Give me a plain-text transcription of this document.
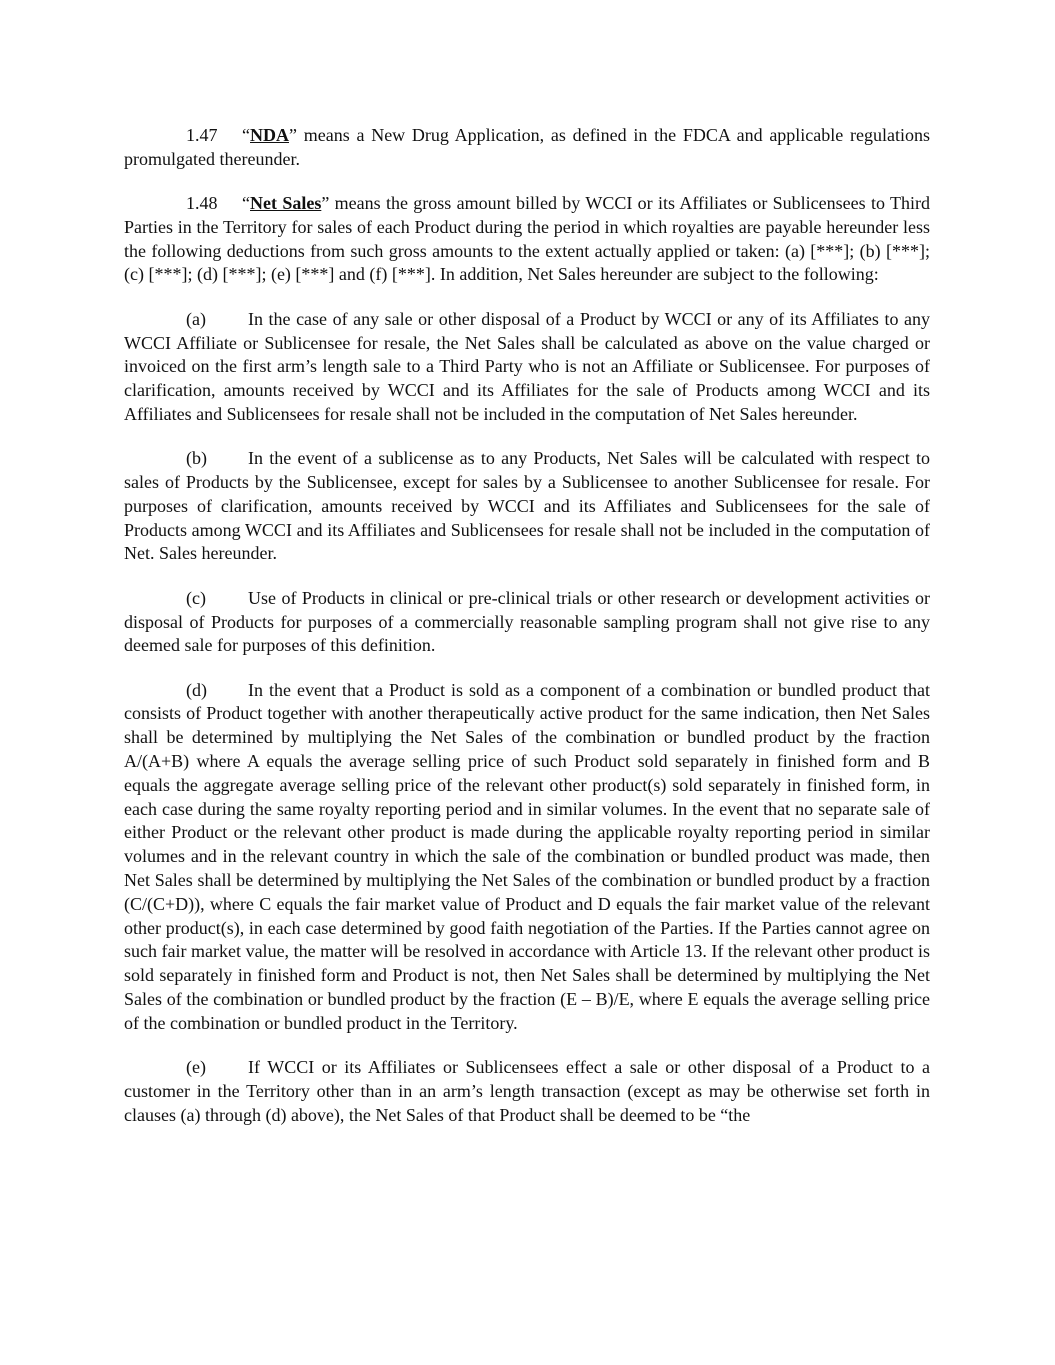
1.47 “NDA” means a New Drug Application, as defined in the FDCA and applicable regulations promulgated thereunder.

1.48 “Net Sales” means the gross amount billed by WCCI or its Affiliates or Sublicensees to Third Parties in the Territory for sales of each Product during the period in which royalties are payable hereunder less the following deductions from such gross amounts to the extent actually applied or taken: (a) [***]; (b) [***]; (c) [***]; (d) [***]; (e) [***] and (f) [***]. In addition, Net Sales hereunder are subject to the following:

(a) In the case of any sale or other disposal of a Product by WCCI or any of its Affiliates to any WCCI Affiliate or Sublicensee for resale, the Net Sales shall be calculated as above on the value charged or invoiced on the first arm’s length sale to a Third Party who is not an Affiliate or Sublicensee. For purposes of clarification, amounts received by WCCI and its Affiliates for the sale of Products among WCCI and its Affiliates and Sublicensees for resale shall not be included in the computation of Net Sales hereunder.

(b) In the event of a sublicense as to any Products, Net Sales will be calculated with respect to sales of Products by the Sublicensee, except for sales by a Sublicensee to another Sublicensee for resale. For purposes of clarification, amounts received by WCCI and its Affiliates and Sublicensees for the sale of Products among WCCI and its Affiliates and Sublicensees for resale shall not be included in the computation of Net. Sales hereunder.

(c) Use of Products in clinical or pre-clinical trials or other research or development activities or disposal of Products for purposes of a commercially reasonable sampling program shall not give rise to any deemed sale for purposes of this definition.

(d) In the event that a Product is sold as a component of a combination or bundled product that consists of Product together with another therapeutically active product for the same indication, then Net Sales shall be determined by multiplying the Net Sales of the combination or bundled product by the fraction A/(A+B) where A equals the average selling price of such Product sold separately in finished form and B equals the aggregate average selling price of the relevant other product(s) sold separately in finished form, in each case during the same royalty reporting period and in similar volumes. In the event that no separate sale of either Product or the relevant other product is made during the applicable royalty reporting period in similar volumes and in the relevant country in which the sale of the combination or bundled product was made, then Net Sales shall be determined by multiplying the Net Sales of the combination or bundled product by a fraction (C/(C+D)), where C equals the fair market value of Product and D equals the fair market value of the relevant other product(s), in each case determined by good faith negotiation of the Parties. If the Parties cannot agree on such fair market value, the matter will be resolved in accordance with Article 13. If the relevant other product is sold separately in finished form and Product is not, then Net Sales shall be determined by multiplying the Net Sales of the combination or bundled product by the fraction (E – B)/E, where E equals the average selling price of the combination or bundled product in the Territory.

(e) If WCCI or its Affiliates or Sublicensees effect a sale or other disposal of a Product to a customer in the Territory other than in an arm’s length transaction (except as may be otherwise set forth in clauses (a) through (d) above), the Net Sales of that Product shall be deemed to be “the
